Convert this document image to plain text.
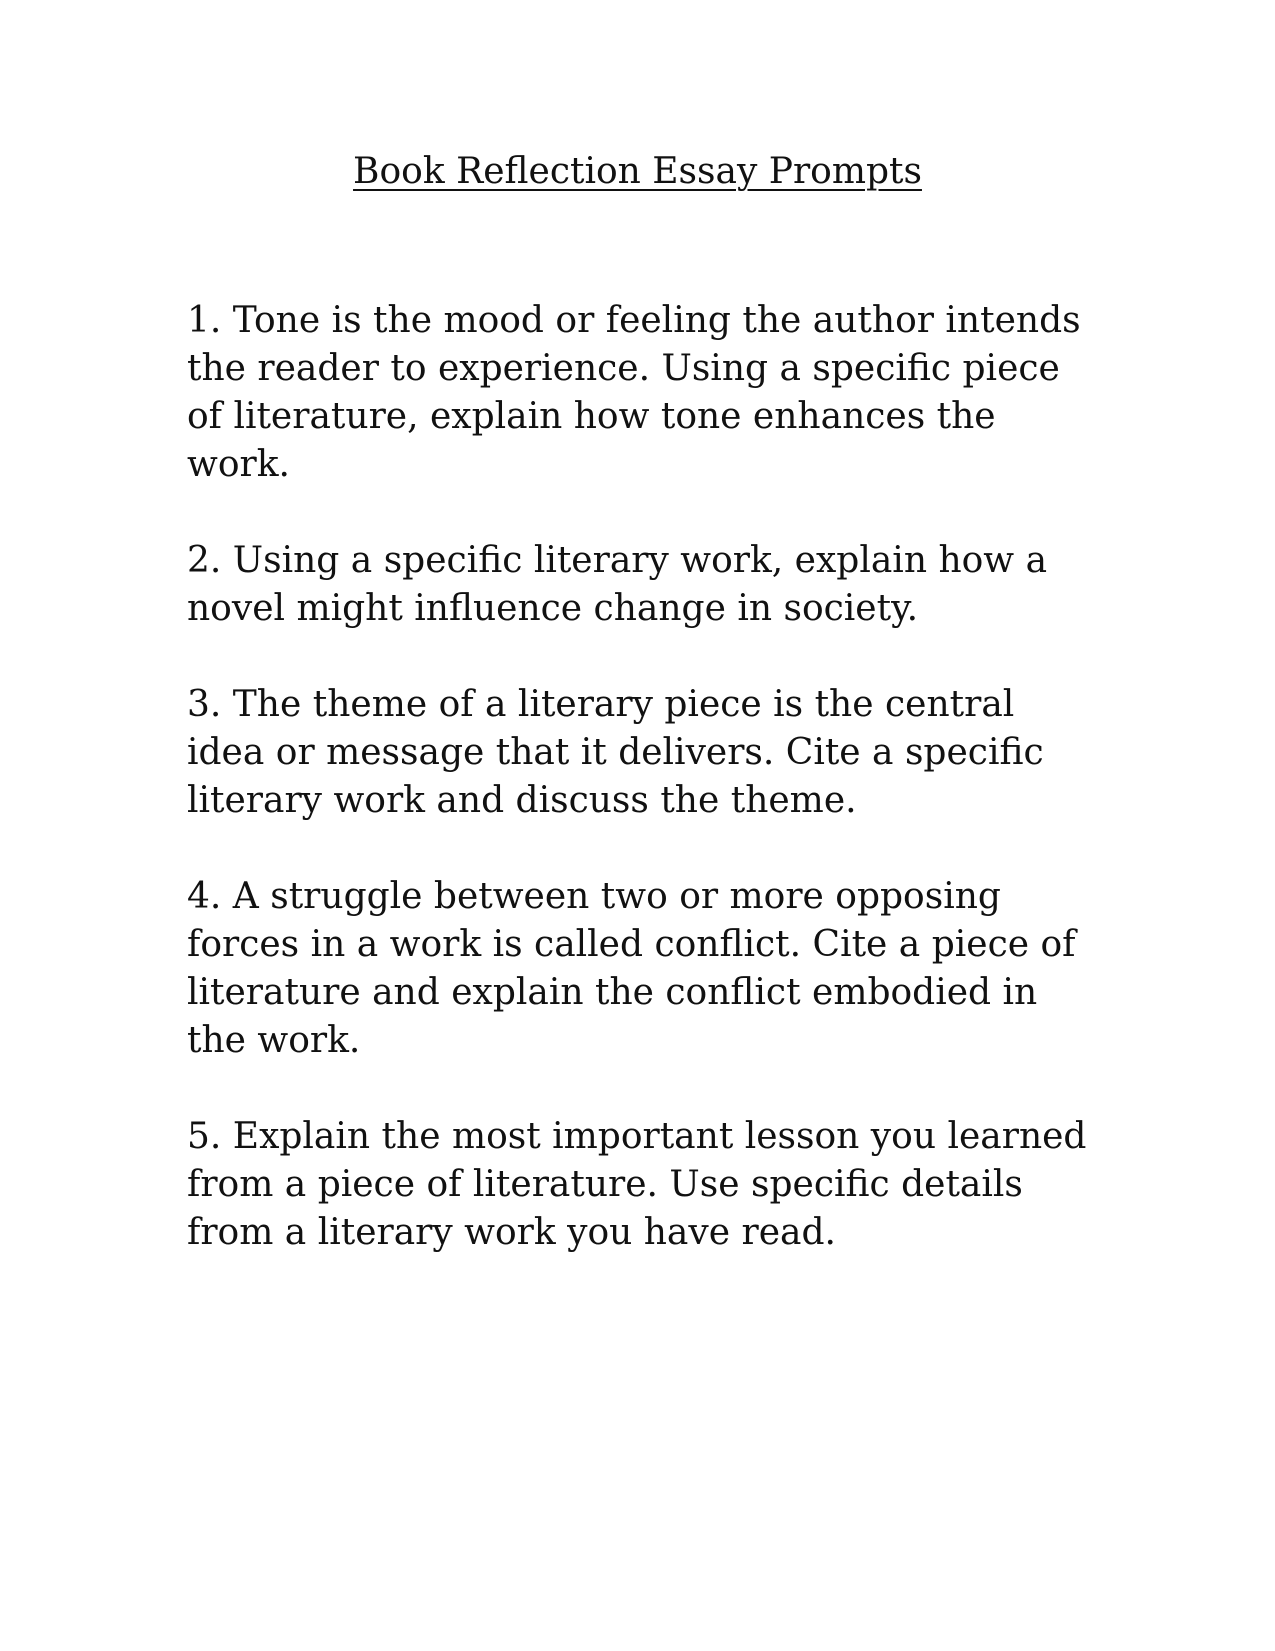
Book Reflection Essay Prompts
1. Tone is the mood or feeling the author intends the reader to experience. Using a specific piece of literature, explain how tone enhances the work.
2. Using a specific literary work, explain how a novel might influence change in society.
3. The theme of a literary piece is the central idea or message that it delivers. Cite a specific literary work and discuss the theme.
4. A struggle between two or more opposing forces in a work is called conflict. Cite a piece of literature and explain the conflict embodied in the work.
5. Explain the most important lesson you learned from a piece of literature. Use specific details from a literary work you have read.
